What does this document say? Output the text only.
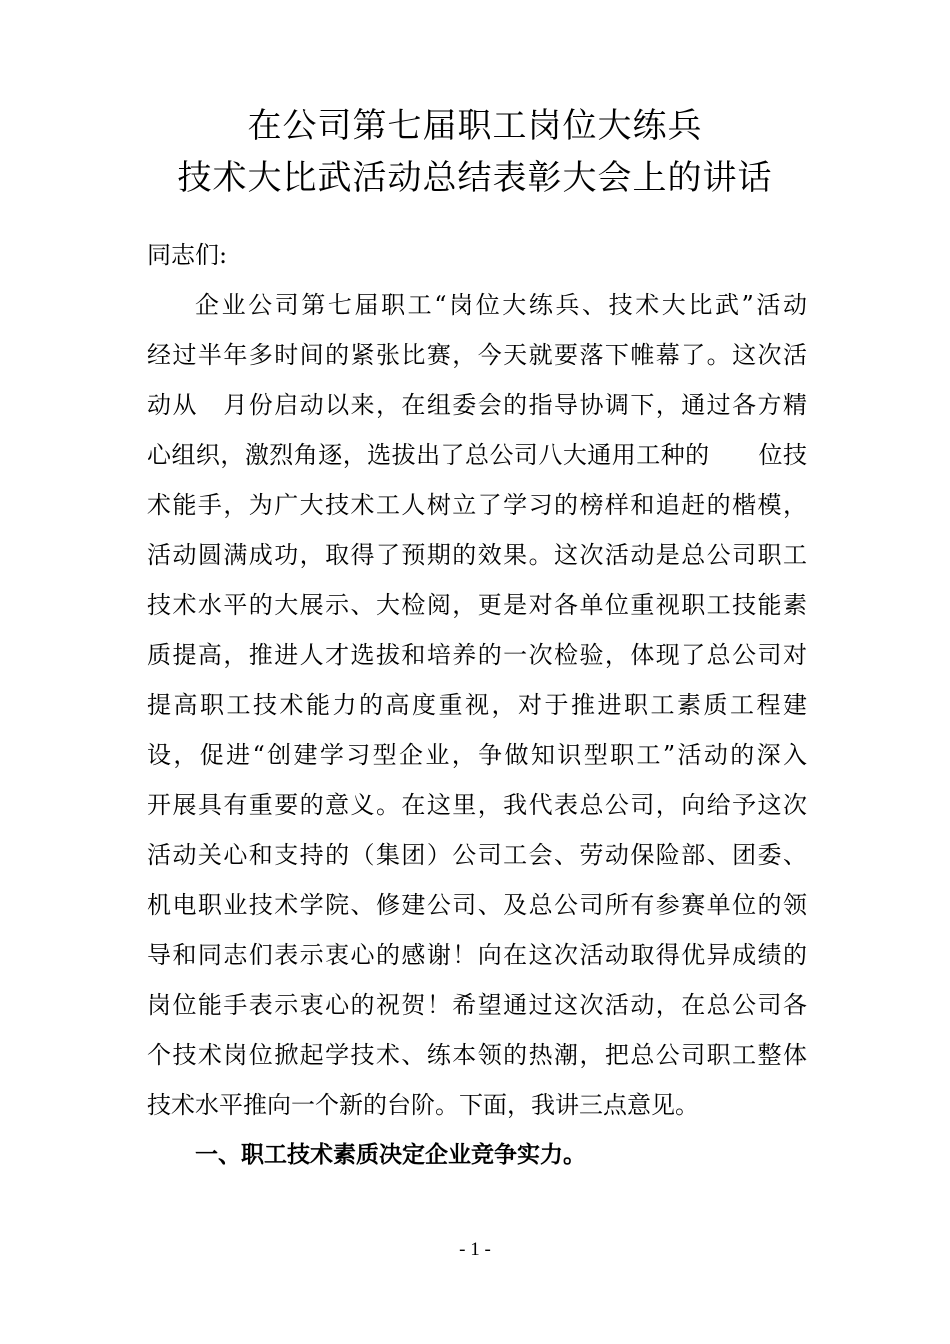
在公司第七届职工岗位大练兵
技术大比武活动总结表彰大会上的讲话
同志们:
企业公司第七届职工“岗位大练兵、技术大比武”活动
经过半年多时间的紧张比赛，今天就要落下帷幕了。这次活
动从　月份启动以来，在组委会的指导协调下，通过各方精
心组织，激烈角逐，选拔出了总公司八大通用工种的　　位技
术能手，为广大技术工人树立了学习的榜样和追赶的楷模，
活动圆满成功，取得了预期的效果。这次活动是总公司职工
技术水平的大展示、大检阅，更是对各单位重视职工技能素
质提高，推进人才选拔和培养的一次检验，体现了总公司对
提高职工技术能力的高度重视，对于推进职工素质工程建
设，促进“创建学习型企业，争做知识型职工”活动的深入
开展具有重要的意义。在这里，我代表总公司，向给予这次
活动关心和支持的（集团）公司工会、劳动保险部、团委、
机电职业技术学院、修建公司、及总公司所有参赛单位的领
导和同志们表示衷心的感谢！向在这次活动取得优异成绩的
岗位能手表示衷心的祝贺！希望通过这次活动，在总公司各
个技术岗位掀起学技术、练本领的热潮，把总公司职工整体
技术水平推向一个新的台阶。下面，我讲三点意见。
一、职工技术素质决定企业竞争实力。
- 1 -
